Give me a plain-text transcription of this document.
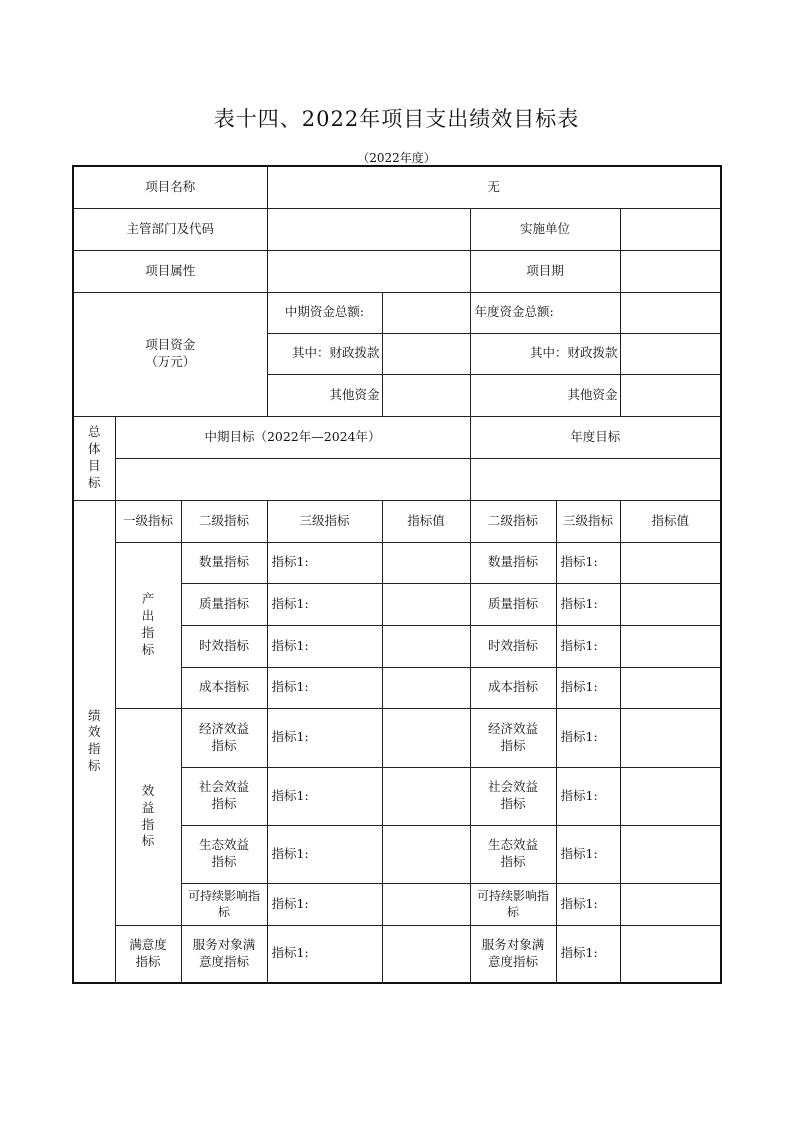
表十四、2022年项目支出绩效目标表
（2022年度）
项目名称			无				
主管部门及代码					实施单位		
项目属性					项目期		

项目资金
（万元）			中期资金总额:		年度资金总额:		
			其中：财政拨款		其中：财政拨款		
			其他资金		其他资金		
总体目标	中期目标（2022年—2024年）				年度目标		

绩效指标	一级指标	二级指标	三级指标	指标值	二级指标	三级指标	指标值
	产出指标	数量指标	指标1:		数量指标	指标1:	
		质量指标	指标1:		质量指标	指标1:	
		时效指标	指标1:		时效指标	指标1:	
		成本指标	指标1:		成本指标	指标1:	
	效益指标	经济效益指标	指标1:		经济效益指标	指标1:	
		社会效益指标	指标1:		社会效益指标	指标1:	
		生态效益指标	指标1:		生态效益指标	指标1:	
		可持续影响指标	指标1:		可持续影响指标	指标1:	
	满意度指标	服务对象满意度指标	指标1:		服务对象满意度指标	指标1:	
